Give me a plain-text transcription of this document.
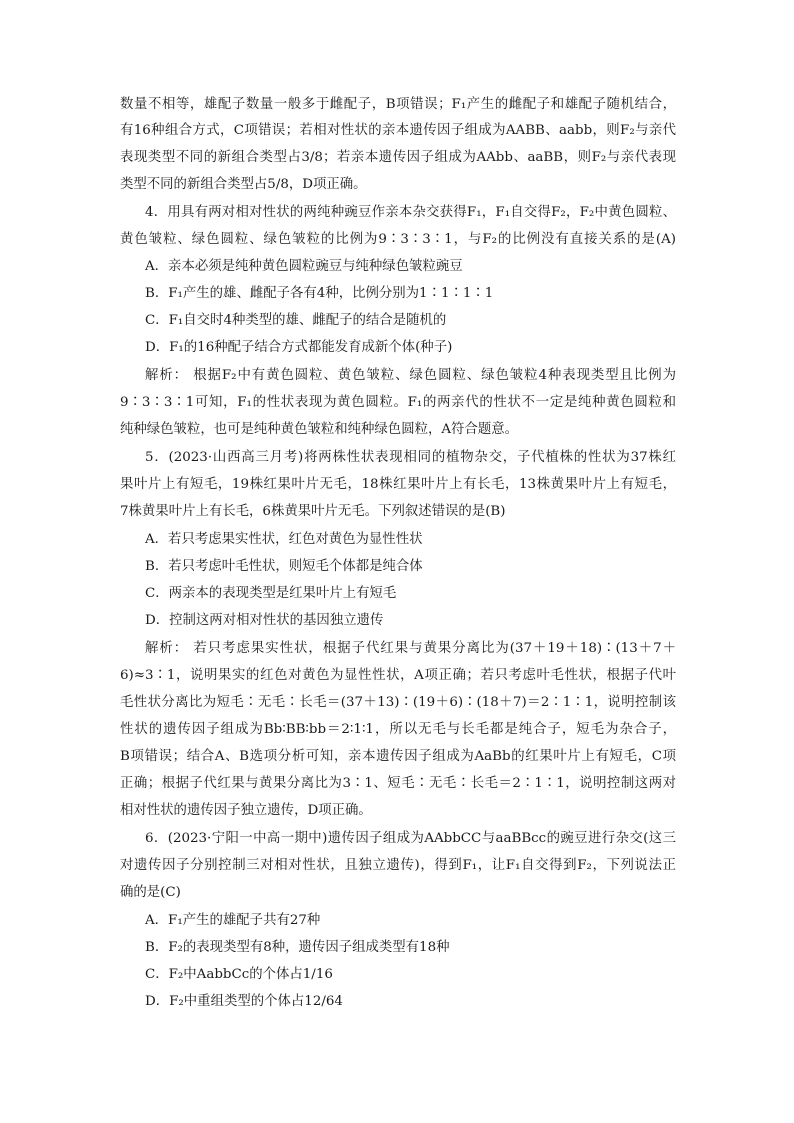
数量不相等，雄配子数量一般多于雌配子，B项错误；F₁产生的雌配子和雄配子随机结合，
有16种组合方式，C项错误；若相对性状的亲本遗传因子组成为AABB、aabb，则F₂与亲代
表现类型不同的新组合类型占3/8；若亲本遗传因子组成为AAbb、aaBB，则F₂与亲代表现
类型不同的新组合类型占5/8，D项正确。
4．用具有两对相对性状的两纯种豌豆作亲本杂交获得F₁，F₁自交得F₂，F₂中黄色圆粒、
黄色皱粒、绿色圆粒、绿色皱粒的比例为9∶3∶3∶1，与F₂的比例没有直接关系的是(A)
A．亲本必须是纯种黄色圆粒豌豆与纯种绿色皱粒豌豆
B．F₁产生的雄、雌配子各有4种，比例分别为1∶1∶1∶1
C．F₁自交时4种类型的雄、雌配子的结合是随机的
D．F₁的16种配子结合方式都能发育成新个体(种子)
解析： 根据F₂中有黄色圆粒、黄色皱粒、绿色圆粒、绿色皱粒4种表现类型且比例为
9∶3∶3∶1可知，F₁的性状表现为黄色圆粒。F₁的两亲代的性状不一定是纯种黄色圆粒和
纯种绿色皱粒，也可是纯种黄色皱粒和纯种绿色圆粒，A符合题意。
5．(2023·山西高三月考)将两株性状表现相同的植物杂交，子代植株的性状为37株红
果叶片上有短毛，19株红果叶片无毛，18株红果叶片上有长毛，13株黄果叶片上有短毛，
7株黄果叶片上有长毛，6株黄果叶片无毛。下列叙述错误的是(B)
A．若只考虑果实性状，红色对黄色为显性性状
B．若只考虑叶毛性状，则短毛个体都是纯合体
C．两亲本的表现类型是红果叶片上有短毛
D．控制这两对相对性状的基因独立遗传
解析： 若只考虑果实性状，根据子代红果与黄果分离比为(37＋19＋18)∶(13＋7＋
6)≈3∶1，说明果实的红色对黄色为显性性状，A项正确；若只考虑叶毛性状，根据子代叶
毛性状分离比为短毛∶无毛∶长毛＝(37＋13)∶(19＋6)∶(18＋7)＝2∶1∶1，说明控制该
性状的遗传因子组成为Bb∶BB∶bb＝2∶1∶1，所以无毛与长毛都是纯合子，短毛为杂合子，
B项错误；结合A、B选项分析可知，亲本遗传因子组成为AaBb的红果叶片上有短毛，C项
正确；根据子代红果与黄果分离比为3∶1、短毛∶无毛∶长毛＝2∶1∶1，说明控制这两对
相对性状的遗传因子独立遗传，D项正确。
6．(2023·宁阳一中高一期中)遗传因子组成为AAbbCC与aaBBcc的豌豆进行杂交(这三
对遗传因子分别控制三对相对性状，且独立遗传)，得到F₁，让F₁自交得到F₂，下列说法正
确的是(C)
A．F₁产生的雄配子共有27种
B．F₂的表现类型有8种，遗传因子组成类型有18种
C．F₂中AabbCc的个体占1/16
D．F₂中重组类型的个体占12/64
